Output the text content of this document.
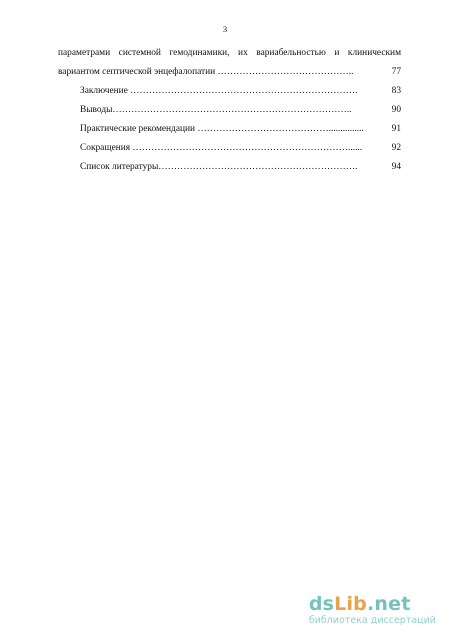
3
параметрами системной гемодинамики, их вариабельностью и клиническим
вариантом септической энцефалопатии ……………………………………..	77
Заключение ……………………………………………………………….	83
Выводы…………………………………………………………………..	90
Практические рекомендации ……………………………………...............	91
Сокращения ……………………………………………………………......	92
Список литературы……………………………………………………….	94
dsLib.net
библиотека диссертаций
